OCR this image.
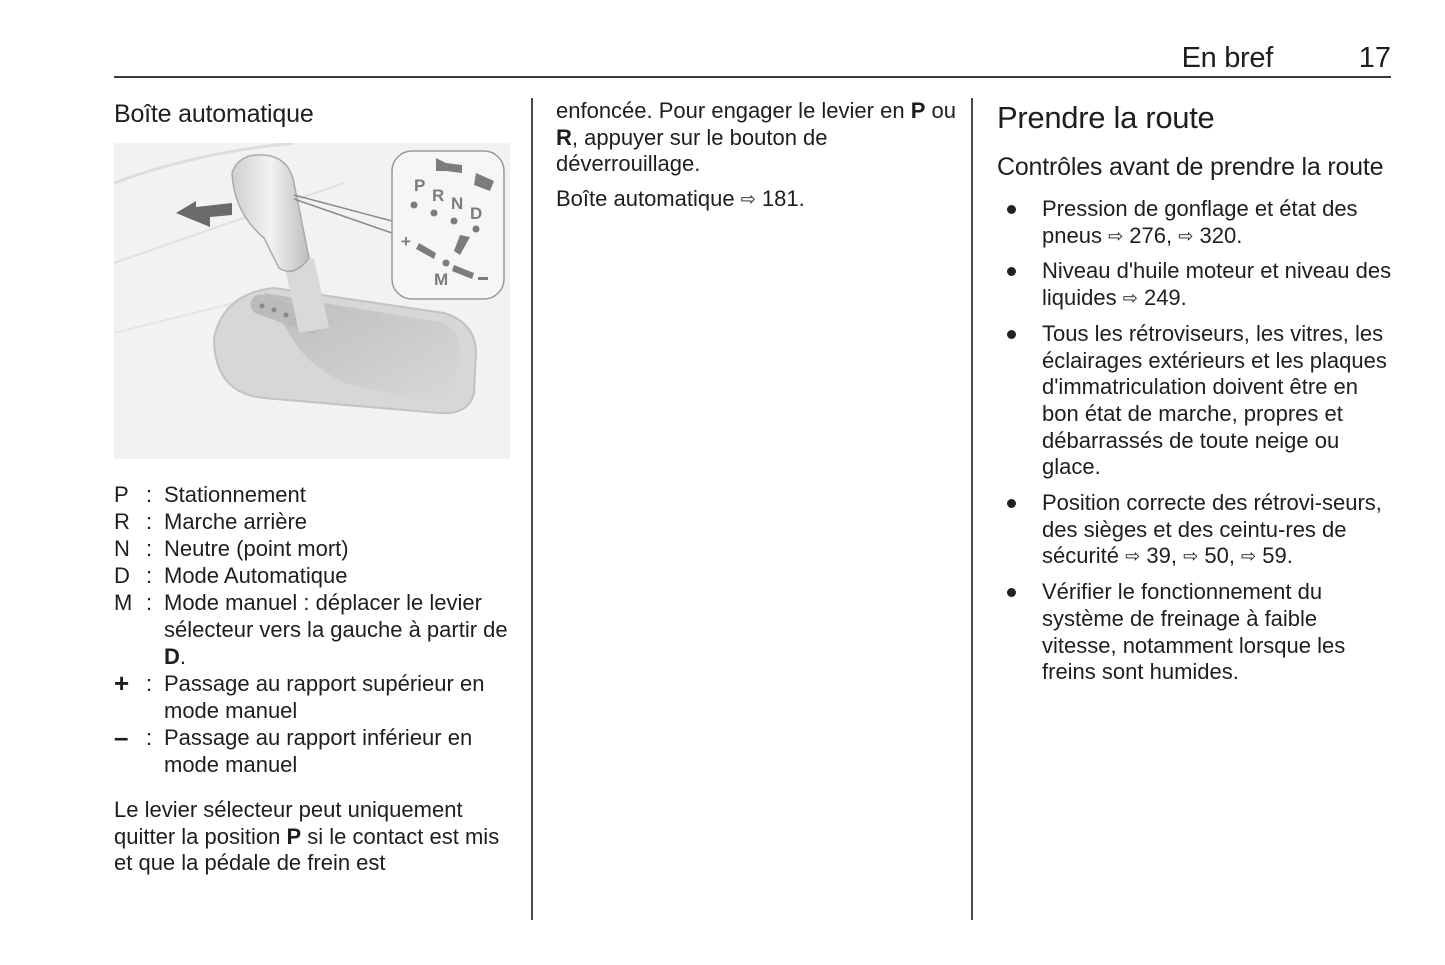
En bref	17
Boîte automatique
P
R N
D
+
M
P : Stationnement
R : Marche arrière
N : Neutre (point mort)
D : Mode Automatique
M : Mode manuel : déplacer le levier sélecteur vers la gauche à partir de D.
+ : Passage au rapport supérieur en mode manuel
– : Passage au rapport inférieur en mode manuel

Le levier sélecteur peut uniquement quitter la position P si le contact est mis et que la pédale de frein est

enfoncée. Pour engager le levier en P ou R, appuyer sur le bouton de déverrouillage.

Boîte automatique ⇨ 181.

Prendre la route
Contrôles avant de prendre la route
Pression de gonflage et état des pneus ⇨ 276, ⇨ 320.
Niveau d'huile moteur et niveau des liquides ⇨ 249.
Tous les rétroviseurs, les vitres, les éclairages extérieurs et les plaques d'immatriculation doivent être en bon état de marche, propres et débarrassés de toute neige ou glace.
Position correcte des rétrovi-seurs, des sièges et des ceintu-res de sécurité ⇨ 39, ⇨ 50, ⇨ 59.
Vérifier le fonctionnement du système de freinage à faible vitesse, notamment lorsque les freins sont humides.
